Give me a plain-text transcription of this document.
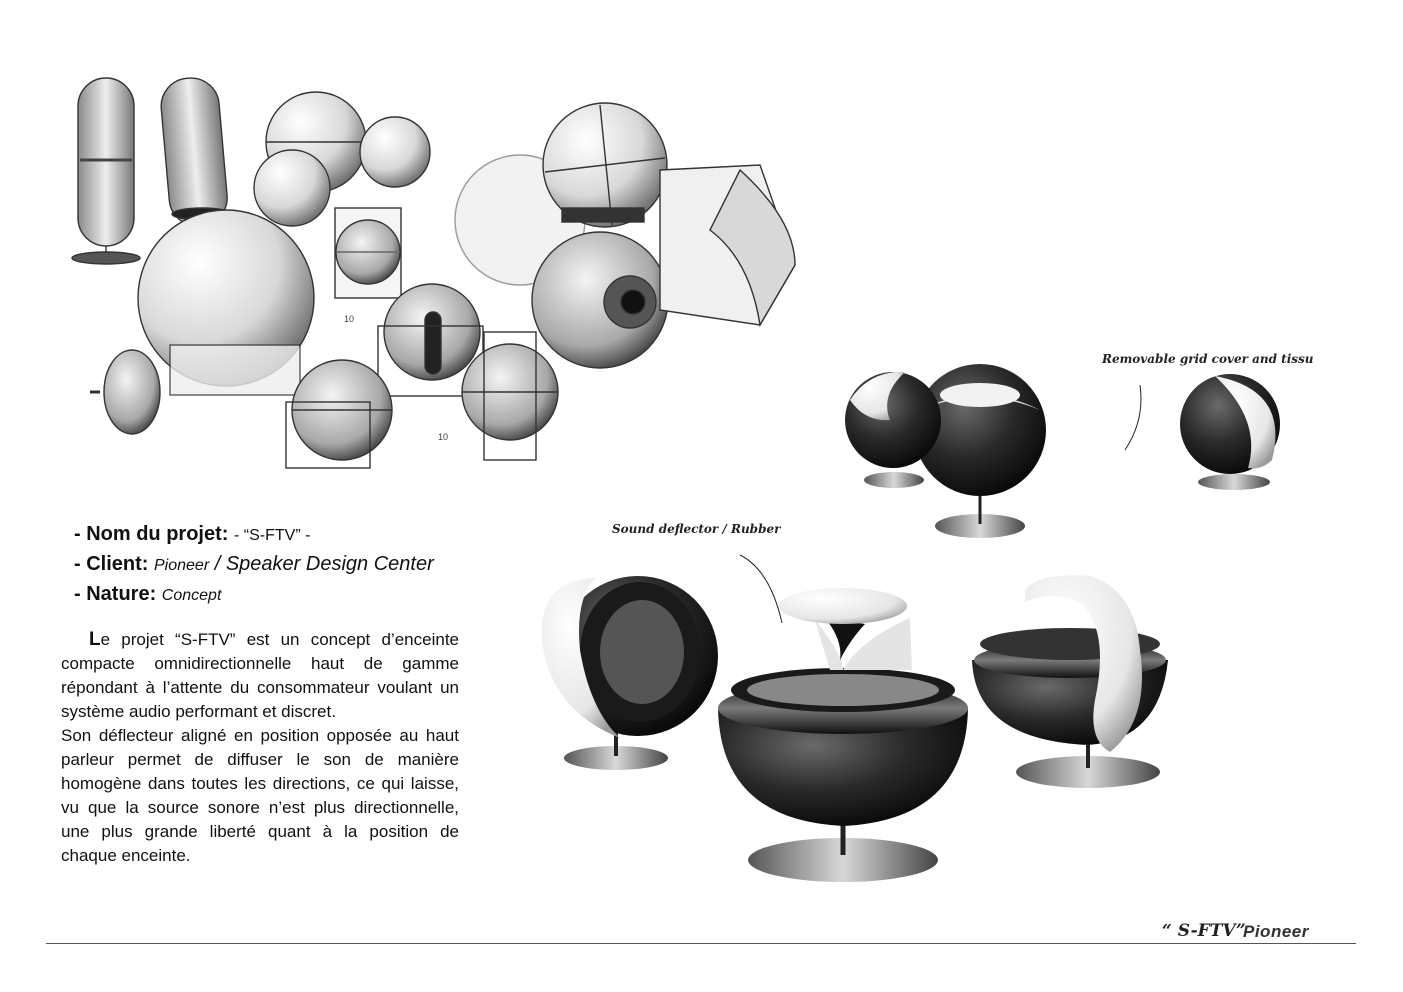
10
10
Removable grid cover and tissu
Sound deflector / Rubber
- Nom du projet: - “S-FTV” -
- Client: Pioneer / Speaker Design Center
- Nature: Concept

Le projet “S-FTV” est un concept d’enceinte compacte omnidirectionnelle haut de gamme répondant à l’attente du consommateur voulant un système audio performant et discret.

Son déflecteur aligné en position opposée au haut parleur permet de diffuser le son de manière homogène dans toutes les directions, ce qui laisse, vu que la source sonore n’est plus directionnelle, une plus grande liberté quant à la position de chaque enceinte.

“ S-FTV”
Pioneer
